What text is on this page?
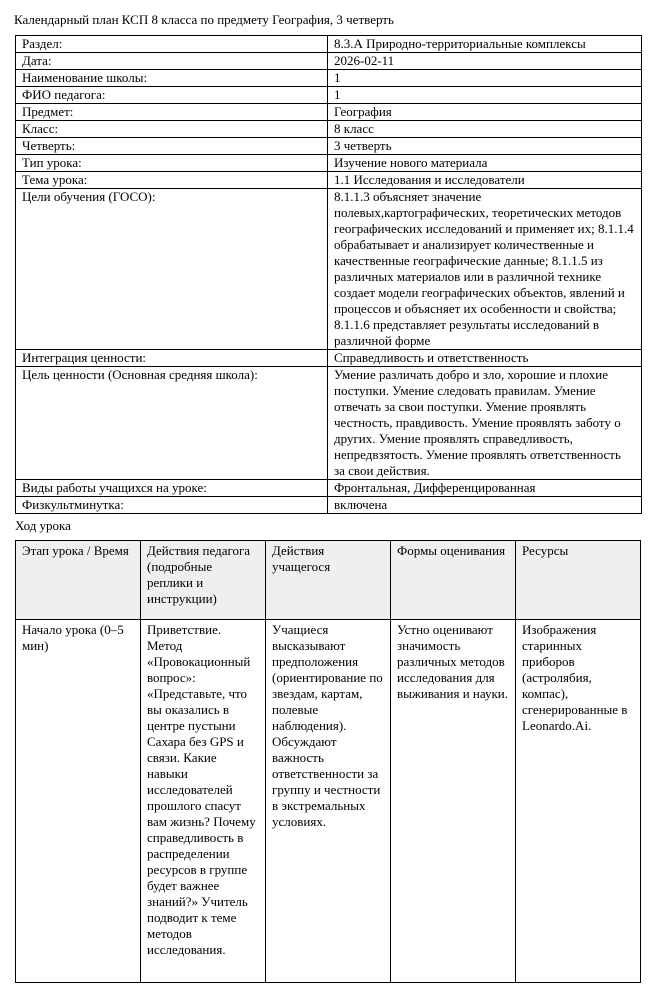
Календарный план КСП 8 класса по предмету География, 3 четверть
Раздел:	8.3.А Природно-территориальные комплексы
Дата:	2026-02-11
Наименование школы:	1
ФИО педагога:	1
Предмет:	География
Класс:	8 класс
Четверть:	3 четверть
Тип урока:	Изучение нового материала
Тема урока:	1.1 Исследования и исследователи
Цели обучения (ГОСО):	8.1.1.3 объясняет значение полевых,картографических, теоретических методов географических исследований и применяет их; 8.1.1.4 обрабатывает и анализирует количественные и качественные географические данные; 8.1.1.5 из различных материалов или в различной технике создает модели географических объектов, явлений и процессов и объясняет их особенности и свойства; 8.1.1.6 представляет результаты исследований в различной форме
Интеграция ценности:	Справедливость и ответственность
Цель ценности (Основная средняя школа):	Умение различать добро и зло, хорошие и плохие поступки. Умение следовать правилам. Умение отвечать за свои поступки. Умение проявлять честность, правдивость. Умение проявлять заботу о других. Умение проявлять справедливость, непредвзятость. Умение проявлять ответственность за свои действия.
Виды работы учащихся на уроке:	Фронтальная, Дифференцированная
Физкультминутка:	включена
Ход урока
Этап урока / Время	Действия педагога (подробные реплики и инструкции)	Действия учащегося	Формы оценивания	Ресурсы
Начало урока (0–5 мин)	Приветствие. Метод «Провокационный вопрос»: «Представьте, что вы оказались в центре пустыни Сахара без GPS и связи. Какие навыки исследователей прошлого спасут вам жизнь? Почему справедливость в распределении ресурсов в группе будет важнее знаний?» Учитель подводит к теме методов исследования.	Учащиеся высказывают предположения (ориентирование по звездам, картам, полевые наблюдения). Обсуждают важность ответственности за группу и честности в экстремальных условиях.	Устно оценивают значимость различных методов исследования для выживания и науки.	Изображения старинных приборов (астролябия, компас), сгенерированные в Leonardo.Ai.
